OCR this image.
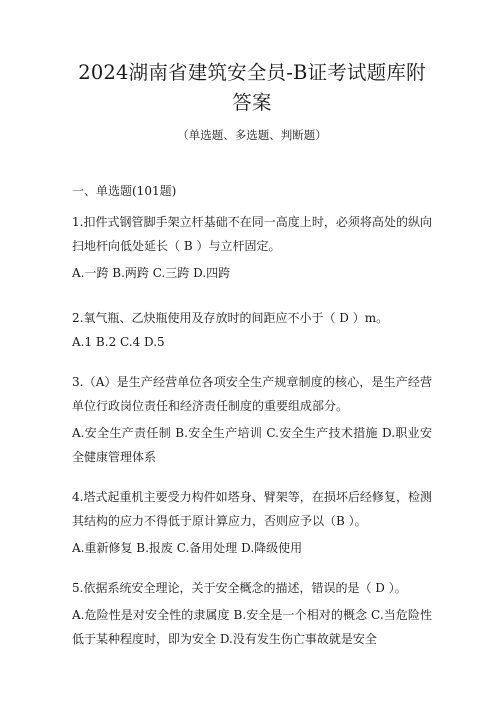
2024湖南省建筑安全员-B证考试题库附答案
（单选题、多选题、判断题）
一、单选题(101题)
1.扣件式钢管脚手架立杆基础不在同一高度上时，必须将高处的纵向扫地杆向低处延长（ B ）与立杆固定。
A.一跨 B.两跨 C.三跨 D.四跨
2.氧气瓶、乙炔瓶使用及存放时的间距应不小于（ D ）m。
A.1 B.2 C.4 D.5
3.（A）是生产经营单位各项安全生产规章制度的核心，是生产经营单位行政岗位责任和经济责任制度的重要组成部分。
A.安全生产责任制 B.安全生产培训 C.安全生产技术措施 D.职业安全健康管理体系
4.塔式起重机主要受力构件如塔身、臂架等，在损坏后经修复，检测其结构的应力不得低于原计算应力，否则应予以（B ）。
A.重新修复 B.报废 C.备用处理 D.降级使用
5.依据系统安全理论，关于安全概念的描述，错误的是（ D ）。
A.危险性是对安全性的隶属度 B.安全是一个相对的概念 C.当危险性低于某种程度时，即为安全 D.没有发生伤亡事故就是安全
